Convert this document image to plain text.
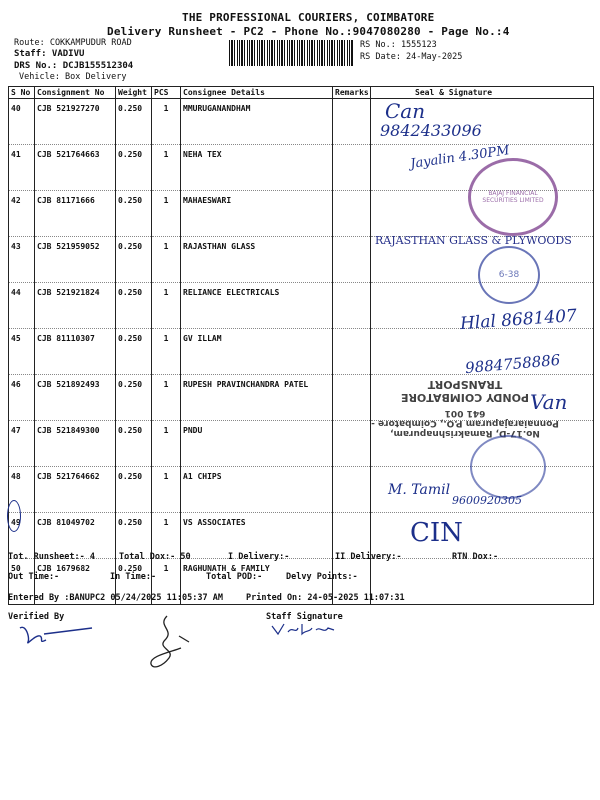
THE PROFESSIONAL COURIERS, COIMBATORE
Delivery Runsheet - PC2 - Phone No.:9047080280 - Page No.:4
Route: COKKAMPUDUR ROAD
Staff: VADIVU
DRS No.: DCJB155512304
Vehicle: Box Delivery
RS No.: 1555123
RS Date: 24-May-2025
S No	Consignment No	Weight	PCS	Consignee Details	Remarks	Seal & Signature
40	CJB 521927270	0.250	1	MMURUGANANDHAM		
41	CJB 521764663	0.250	1	NEHA TEX		
42	CJB 81171666	0.250	1	MAHAESWARI		
43	CJB 521959052	0.250	1	RAJASTHAN GLASS		
44	CJB 521921824	0.250	1	RELIANCE ELECTRICALS		
45	CJB 81110307	0.250	1	GV ILLAM		
46	CJB 521892493	0.250	1	RUPESH PRAVINCHANDRA PATEL		
47	CJB 521849300	0.250	1	PNDU		
48	CJB 521764662	0.250	1	A1 CHIPS		
49	CJB 81049702	0.250	1	VS ASSOCIATES		
50	CJB 1679682	0.250	1	RAGHUNATH & FAMILY		
Can
9842433096
Jayalin 4.30PM
BAJAJ FINANCIAL SECURITIES LIMITED
RAJASTHAN GLASS & PLYWOODS
6-38
Hlal 8681407
9884758886
No.17-D, Ramakrishnapuram, Ponnaiarajapuram P.O., Coimbatore - 641 001
PONDY COIMBATORE TRANSPORT
Van
M. Tamil
9600920305
CIN
Tot. Runsheet:- 4	Total Dox:- 50	I Delivery:-	II Delivery:-	RTN Dox:-
Out Time:-	In Time:-	Total POD:-	Delvy Points:-
Entered By :BANUPC2 05/24/2025 11:05:37 AM	Printed On: 24-05-2025 11:07:31
Verified By	Staff Signature
